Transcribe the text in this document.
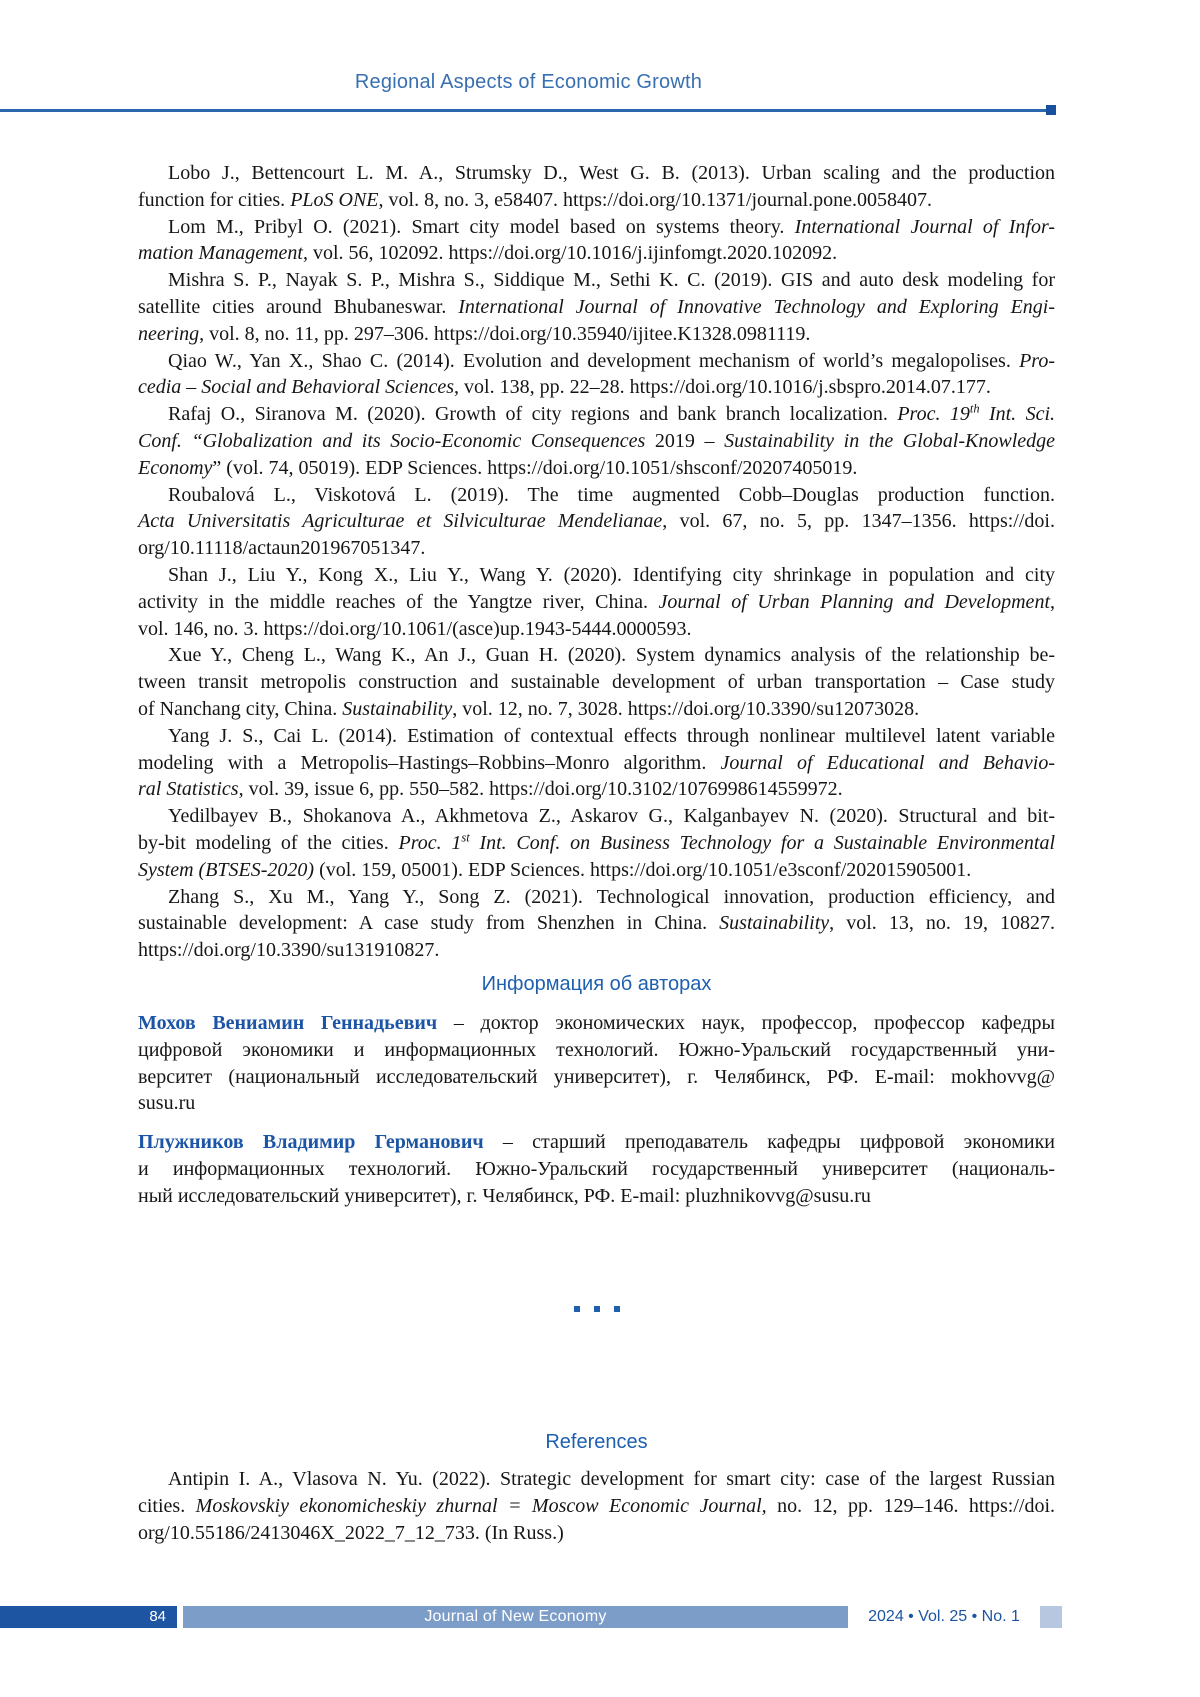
Regional Aspects of Economic Growth
Lobo J., Bettencourt L. M. A., Strumsky D., West G. B. (2013). Urban scaling and the production
function for cities. PLoS ONE, vol. 8, no. 3, e58407. https://doi.org/10.1371/journal.pone.0058407.
Lom M., Pribyl O. (2021). Smart city model based on systems theory. International Journal of Infor-
mation Management, vol. 56, 102092. https://doi.org/10.1016/j.ijinfomgt.2020.102092.
Mishra S. P., Nayak S. P., Mishra S., Siddique M., Sethi K. C. (2019). GIS and auto desk modeling for
satellite cities around Bhubaneswar. International Journal of Innovative Technology and Exploring Engi-
neering, vol. 8, no. 11, pp. 297–306. https://doi.org/10.35940/ijitee.K1328.0981119.
Qiao W., Yan X., Shao C. (2014). Evolution and development mechanism of world’s megalopolises. Pro-
cedia – Social and Behavioral Sciences, vol. 138, pp. 22–28. https://doi.org/10.1016/j.sbspro.2014.07.177.
Rafaj O., Siranova M. (2020). Growth of city regions and bank branch localization. Proc. 19th Int. Sci.
Conf. “Globalization and its Socio-Economic Consequences 2019 – Sustainability in the Global-Knowledge
Economy” (vol. 74, 05019). EDP Sciences. https://doi.org/10.1051/shsconf/20207405019.
Roubalová L., Viskotová L. (2019). The time augmented Cobb–Douglas production function.
Acta Universitatis Agriculturae et Silviculturae Mendelianae, vol. 67, no. 5, pp. 1347–1356. https://doi.
org/10.11118/actaun201967051347.
Shan J., Liu Y., Kong X., Liu Y., Wang Y. (2020). Identifying city shrinkage in population and city
activity in the middle reaches of the Yangtze river, China. Journal of Urban Planning and Development,
vol. 146, no. 3. https://doi.org/10.1061/(asce)up.1943-5444.0000593.
Xue Y., Cheng L., Wang K., An J., Guan H. (2020). System dynamics analysis of the relationship be-
tween transit metropolis construction and sustainable development of urban transportation – Case study
of Nanchang city, China. Sustainability, vol. 12, no. 7, 3028. https://doi.org/10.3390/su12073028.
Yang J. S., Cai L. (2014). Estimation of contextual effects through nonlinear multilevel latent variable
modeling with a Metropolis–Hastings–Robbins–Monro algorithm. Journal of Educational and Behavio-
ral Statistics, vol. 39, issue 6, pp. 550–582. https://doi.org/10.3102/1076998614559972.
Yedilbayev B., Shokanova A., Akhmetova Z., Askarov G., Kalganbayev N. (2020). Structural and bit-
by-bit modeling of the cities. Proc. 1st Int. Conf. on Business Technology for a Sustainable Environmental
System (BTSES-2020) (vol. 159, 05001). EDP Sciences. https://doi.org/10.1051/e3sconf/202015905001.
Zhang S., Xu M., Yang Y., Song Z. (2021). Technological innovation, production efficiency, and
sustainable development: A case study from Shenzhen in China. Sustainability, vol. 13, no. 19, 10827.
https://doi.org/10.3390/su131910827.
Информация об авторах
Мохов Вениамин Геннадьевич – доктор экономических наук, профессор, профессор кафедры
цифровой экономики и информационных технологий. Южно-Уральский государственный уни-
верситет (национальный исследовательский университет), г. Челябинск, РФ. E-mail: mokhovvg@
susu.ru
Плужников Владимир Германович – старший преподаватель кафедры цифровой экономики
и информационных технологий. Южно-Уральский государственный университет (националь-
ный исследовательский университет), г. Челябинск, РФ. E-mail: pluzhnikovvg@susu.ru
References
Antipin I. A., Vlasova N. Yu. (2022). Strategic development for smart city: case of the largest Russian
cities. Moskovskiy ekonomicheskiy zhurnal = Moscow Economic Journal, no. 12, pp. 129–146. https://doi.
org/10.55186/2413046X_2022_7_12_733. (In Russ.)
84	Journal of New Economy	2024 • Vol. 25 • No. 1
